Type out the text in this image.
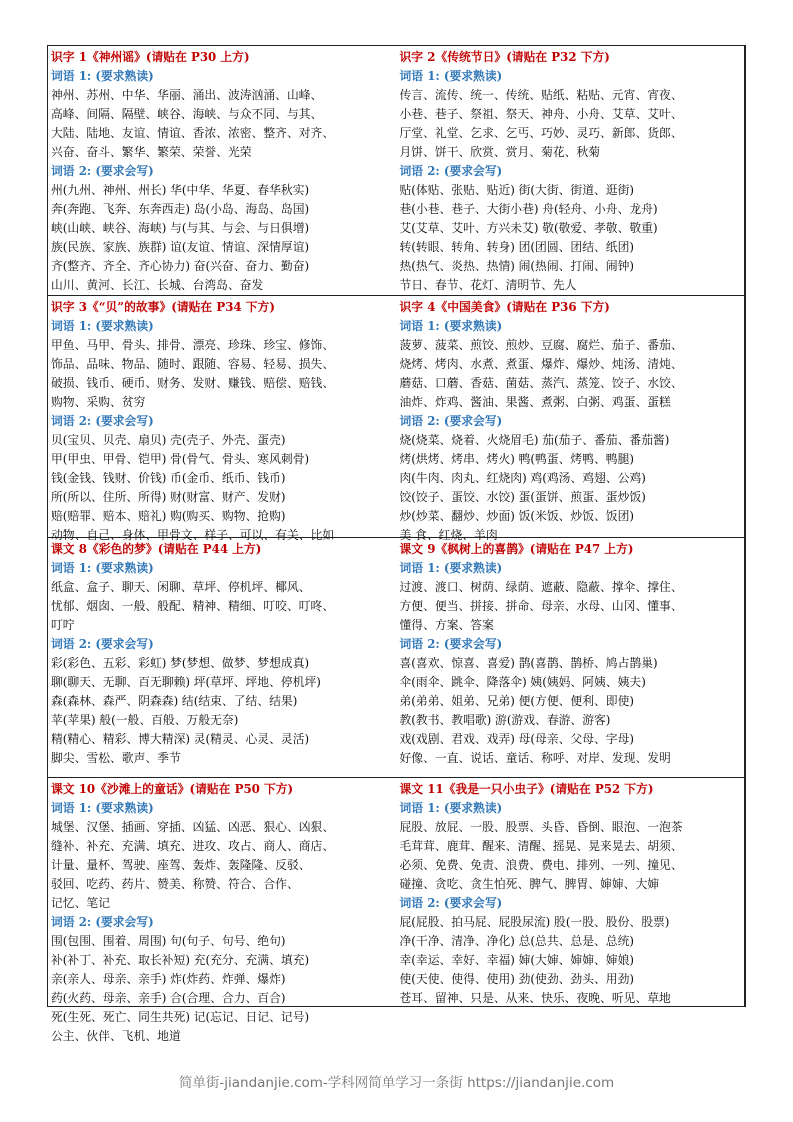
识字 1《神州谣》(请贴在 P30 上方)
词语 1: (要求熟读)
神州、苏州、中华、华丽、涌出、波涛汹涌、山峰、
高峰、间隔、隔壁、峡谷、海峡、与众不同、与其、
大陆、陆地、友谊、情谊、香浓、浓密、整齐、对齐、
兴奋、奋斗、繁华、繁荣、荣誉、光荣
词语 2: (要求会写)
州(九州、神州、州长) 华(中华、华夏、春华秋实)
奔(奔跑、飞奔、东奔西走) 岛(小岛、海岛、岛国)
峡(山峡、峡谷、海峡) 与(与其、与会、与日俱增)
族(民族、家族、族群) 谊(友谊、情谊、深情厚谊)
齐(整齐、齐全、齐心协力) 奋(兴奋、奋力、勤奋)
山川、黄河、长江、长城、台湾岛、奋发
识字 2《传统节日》(请贴在 P32 下方)
词语 1: (要求熟读)
传言、流传、统一、传统、贴纸、粘贴、元宵、宵夜、
小巷、巷子、祭祖、祭天、神舟、小舟、艾草、艾叶、
厅堂、礼堂、乞求、乞丐、巧妙、灵巧、新郎、货郎、
月饼、饼干、欣赏、赏月、菊花、秋菊
词语 2: (要求会写)
贴(体贴、张贴、贴近) 街(大街、街道、逛街)
巷(小巷、巷子、大街小巷) 舟(轻舟、小舟、龙舟)
艾(艾草、艾叶、方兴未艾) 敬(敬爱、孝敬、敬重)
转(转眼、转角、转身) 团(团圆、团结、纸团)
热(热气、炎热、热情) 闹(热闹、打闹、闹钟)
节日、春节、花灯、清明节、先人
识字 3《“贝”的故事》(请贴在 P34 下方)
词语 1: (要求熟读)
甲鱼、马甲、骨头、排骨、漂亮、珍珠、珍宝、修饰、
饰品、品味、物品、随时、跟随、容易、轻易、损失、
破损、钱币、硬币、财务、发财、赚钱、赔偿、赔钱、
购物、采购、贫穷
词语 2: (要求会写)
贝(宝贝、贝壳、扇贝) 壳(壳子、外壳、蛋壳)
甲(甲虫、甲骨、铠甲) 骨(骨气、骨头、寒风刺骨)
钱(金钱、钱财、价钱) 币(金币、纸币、钱币)
所(所以、住所、所得) 财(财富、财产、发财)
赔(赔罪、赔本、赔礼) 购(购买、购物、抢购)
动物、自己、身体、甲骨文、样子、可以、有关、比如
识字 4《中国美食》(请贴在 P36 下方)
词语 1: (要求熟读)
菠萝、菠菜、煎饺、煎炒、豆腐、腐烂、茄子、番茄、
烧烤、烤肉、水煮、煮蛋、爆炸、爆炒、炖汤、清炖、
蘑菇、口蘑、香菇、菌菇、蒸汽、蒸笼、饺子、水饺、
油炸、炸鸡、酱油、果酱、煮粥、白粥、鸡蛋、蛋糕
词语 2: (要求会写)
烧(烧菜、烧着、火烧眉毛) 茄(茄子、番茄、番茄酱)
烤(烘烤、烤串、烤火) 鸭(鸭蛋、烤鸭、鸭腿)
肉(牛肉、肉丸、红烧肉) 鸡(鸡汤、鸡翅、公鸡)
饺(饺子、蛋饺、水饺) 蛋(蛋饼、煎蛋、蛋炒饭)
炒(炒菜、翻炒、炒面) 饭(米饭、炒饭、饭团)
美 食、红烧、羊肉
课文 8《彩色的梦》(请贴在 P44 上方)
词语 1: (要求熟读)
纸盒、盒子、聊天、闲聊、草坪、停机坪、椰风、
忧郁、烟囱、一般、般配、精神、精细、叮咬、叮咚、
叮咛
词语 2: (要求会写)
彩(彩色、五彩、彩虹) 梦(梦想、做梦、梦想成真)
聊(聊天、无聊、百无聊赖) 坪(草坪、坪地、停机坪)
森(森林、森严、阴森森) 结(结束、了结、结果)
苹(苹果) 般(一般、百般、万般无奈)
精(精心、精彩、博大精深) 灵(精灵、心灵、灵活)
脚尖、雪松、歌声、季节
课文 9《枫树上的喜鹊》(请贴在 P47 上方)
词语 1: (要求熟读)
过渡、渡口、树荫、绿荫、遮蔽、隐蔽、撑伞、撑住、
方便、便当、拼接、拼命、母亲、水母、山冈、懂事、
懂得、方案、答案
词语 2: (要求会写)
喜(喜欢、惊喜、喜爱) 鹊(喜鹊、鹊桥、鸠占鹊巢)
伞(雨伞、跳伞、降落伞) 姨(姨妈、阿姨、姨夫)
弟(弟弟、姐弟、兄弟) 便(方便、便利、即使)
教(教书、教唱歌) 游(游戏、春游、游客)
戏(戏剧、君戏、戏弄) 母(母亲、父母、字母)
好像、一直、说话、童话、称呼、对岸、发现、发明
课文 10《沙滩上的童话》(请贴在 P50 下方)
词语 1: (要求熟读)
城堡、汉堡、插画、穿插、凶猛、凶恶、狠心、凶狠、
缝补、补充、充满、填充、进攻、攻占、商人、商店、
计量、量杯、驾驶、座驾、轰炸、轰隆隆、反驳、
驳回、吃药、药片、赞美、称赞、符合、合作、
记忆、笔记
词语 2: (要求会写)
围(包围、围着、周围) 句(句子、句号、绝句)
补(补丁、补充、取长补短) 充(充分、充满、填充)
亲(亲人、母亲、亲手) 炸(炸药、炸弹、爆炸)
药(火药、母亲、亲手) 合(合理、合力、百合)
死(生死、死亡、同生共死) 记(忘记、日记、记号)
公主、伙伴、飞机、地道
课文 11《我是一只小虫子》(请贴在 P52 下方)
词语 1: (要求熟读)
屁股、放屁、一股、股票、头昏、昏倒、眼泡、一泡茶
毛茸茸、鹿茸、醒来、清醒、摇晃、晃来晃去、胡须、
必须、免费、免责、浪费、费电、排列、一列、撞见、
碰撞、贪吃、贪生怕死、脾气、脾胃、婶婶、大婶
词语 2: (要求会写)
屁(屁股、拍马屁、屁股尿流) 股(一股、股份、股票)
净(干净、清净、净化) 总(总共、总是、总统)
幸(幸运、幸好、幸福) 婶(大婶、婶婶、婶娘)
使(天使、使得、使用) 劲(使劲、劲头、用劲)
苍耳、留神、只是、从来、快乐、夜晚、听见、草地
简单街-jiandanjie.com-学科网简单学习一条街 https://jiandanjie.com
